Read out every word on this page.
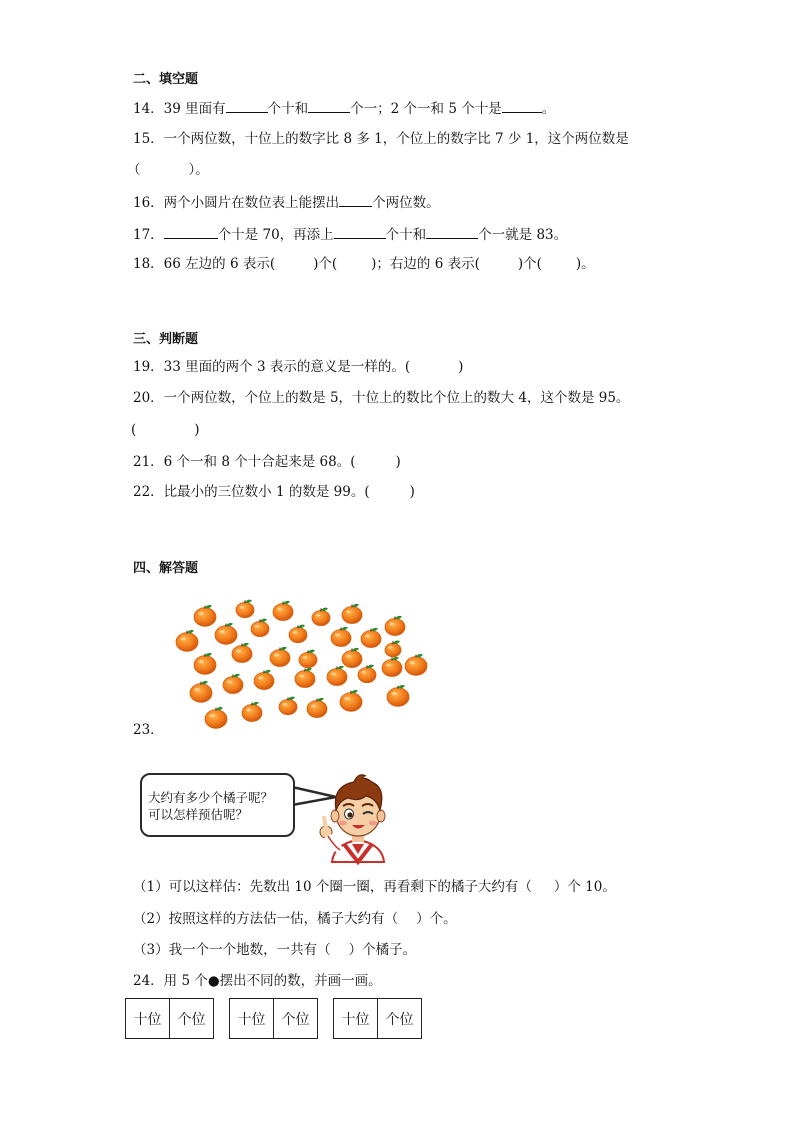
二、填空题
14．39 里面有	个十和	个一；2 个一和 5 个十是	。
15．一个两位数，十位上的数字比 8 多 1，个位上的数字比 7 少 1，这个两位数是
（	）。
16．两个小圆片在数位表上能摆出 个两位数。
17．	个十是 70，再添上	个十和	个一就是 83。
18．66 左边的 6 表示(	)个(	)；右边的 6 表示(	)个(	)。
三、判断题
19．33 里面的两个 3 表示的意义是一样的。(	)
20．一个两位数，个位上的数是 5，十位上的数比个位上的数大 4，这个数是 95。
(	)
21．6 个一和 8 个十合起来是 68。(	)
22．比最小的三位数小 1 的数是 99。(	)
四、解答题
23．
大约有多少个橘子呢？
可以怎样预估呢？
（1）可以这样估：先数出 10 个圈一圈，再看剩下的橘子大约有（ ）个 10。
（2）按照这样的方法估一估，橘子大约有（ ）个。
（3）我一个一个地数，一共有（ ）个橘子。
24．用 5 个●摆出不同的数，并画一画。
十位	个位 十位	个位 十位	个位
